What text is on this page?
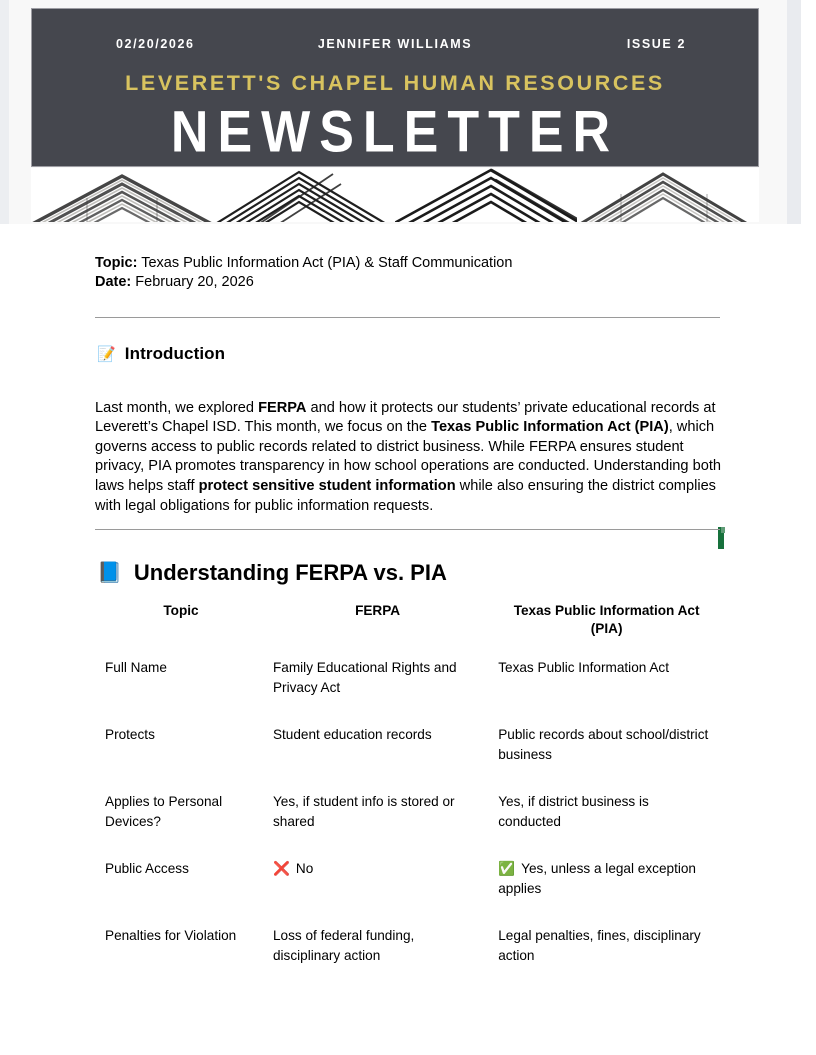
02/20/2026	JENNIFER WILLIAMS	ISSUE 2
LEVERETT'S CHAPEL HUMAN RESOURCES
NEWSLETTER
Topic: Texas Public Information Act (PIA) & Staff Communication
Date: February 20, 2026
📝 Introduction

Last month, we explored FERPA and how it protects our students’ private educational records at Leverett’s Chapel ISD. This month, we focus on the Texas Public Information Act (PIA), which governs access to public records related to district business. While FERPA ensures student privacy, PIA promotes transparency in how school operations are conducted. Understanding both laws helps staff protect sensitive student information while also ensuring the district complies with legal obligations for public information requests.

📘 Understanding FERPA vs. PIA
Topic	FERPA	Texas Public Information Act (PIA)
Full Name	Family Educational Rights and Privacy Act	Texas Public Information Act
Protects	Student education records	Public records about school/district business
Applies to Personal Devices?	Yes, if student info is stored or shared	Yes, if district business is conducted
Public Access	❌ No	✅ Yes, unless a legal exception applies
Penalties for Violation	Loss of federal funding, disciplinary action	Legal penalties, fines, disciplinary action
